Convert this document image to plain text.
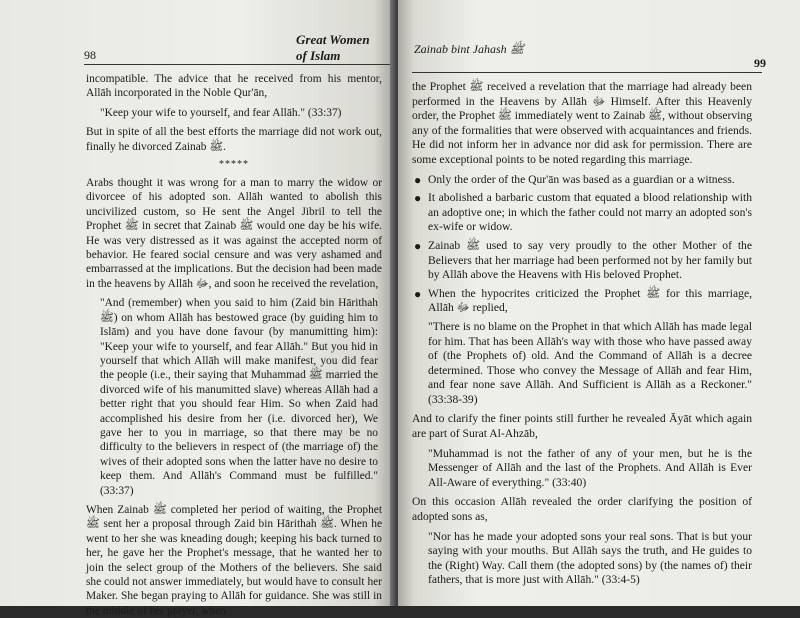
98
Great Women of Islam

incompatible. The advice that he received from his mentor, Allāh incorporated in the Noble Qur'ān,

"Keep your wife to yourself, and fear Allāh." (33:37)

But in spite of all the best efforts the marriage did not work out, finally he divorced Zainab ﷺ.

*****

Arabs thought it was wrong for a man to marry the widow or divorcee of his adopted son. Allāh wanted to abolish this uncivilized custom, so He sent the Angel Jibril to tell the Prophet ﷺ in secret that Zainab ﷺ would one day be his wife. He was very distressed as it was against the accepted norm of behavior. He feared social censure and was very ashamed and embarrassed at the implications. But the decision had been made in the heavens by Allāh ﷻ, and soon he received the revelation,

"And (remember) when you said to him (Zaid bin Hārithah ﷺ) on whom Allāh has bestowed grace (by guiding him to Islām) and you have done favour (by manumitting him): "Keep your wife to yourself, and fear Allāh." But you hid in yourself that which Allāh will make manifest, you did fear the people (i.e., their saying that Muhammad ﷺ married the divorced wife of his manumitted slave) whereas Allāh had a better right that you should fear Him. So when Zaid had accomplished his desire from her (i.e. divorced her), We gave her to you in marriage, so that there may be no difficulty to the believers in respect of (the marriage of) the wives of their adopted sons when the latter have no desire to keep them. And Allāh's Command must be fulfilled." (33:37)

When Zainab ﷺ completed her period of waiting, the Prophet ﷺ sent her a proposal through Zaid bin Hārithah ﷺ. When he went to her she was kneading dough; keeping his back turned to her, he gave her the Prophet's message, that he wanted her to join the select group of the Mothers of the believers. She said she could not answer immediately, but would have to consult her Maker. She began praying to Allāh for guidance. She was still in the middle of her prayer, when

Zainab bint Jahash ﷺ
99

the Prophet ﷺ received a revelation that the marriage had already been performed in the Heavens by Allāh ﷻ Himself. After this Heavenly order, the Prophet ﷺ immediately went to Zainab ﷺ, without observing any of the formalities that were observed with acquaintances and friends. He did not inform her in advance nor did ask for permission. There are some exceptional points to be noted regarding this marriage.

● Only the order of the Qur'ān was based as a guardian or a witness.
● It abolished a barbaric custom that equated a blood relationship with an adoptive one; in which the father could not marry an adopted son's ex-wife or widow.
● Zainab ﷺ used to say very proudly to the other Mother of the Believers that her marriage had been performed not by her family but by Allāh above the Heavens with His beloved Prophet.
● When the hypocrites criticized the Prophet ﷺ for this marriage, Allāh ﷻ replied,

"There is no blame on the Prophet in that which Allāh has made legal for him. That has been Allāh's way with those who have passed away of (the Prophets of) old. And the Command of Allāh is a decree determined. Those who convey the Message of Allāh and fear Him, and fear none save Allāh. And Sufficient is Allāh as a Reckoner." (33:38-39)

And to clarify the finer points still further he revealed Āyāt which again are part of Surat Al-Ahzāb,

"Muhammad is not the father of any of your men, but he is the Messenger of Allāh and the last of the Prophets. And Allāh is Ever All-Aware of everything." (33:40)

On this occasion Allāh revealed the order clarifying the position of adopted sons as,

"Nor has he made your adopted sons your real sons. That is but your saying with your mouths. But Allāh says the truth, and He guides to the (Right) Way. Call them (the adopted sons) by (the names of) their fathers, that is more just with Allāh." (33:4-5)
